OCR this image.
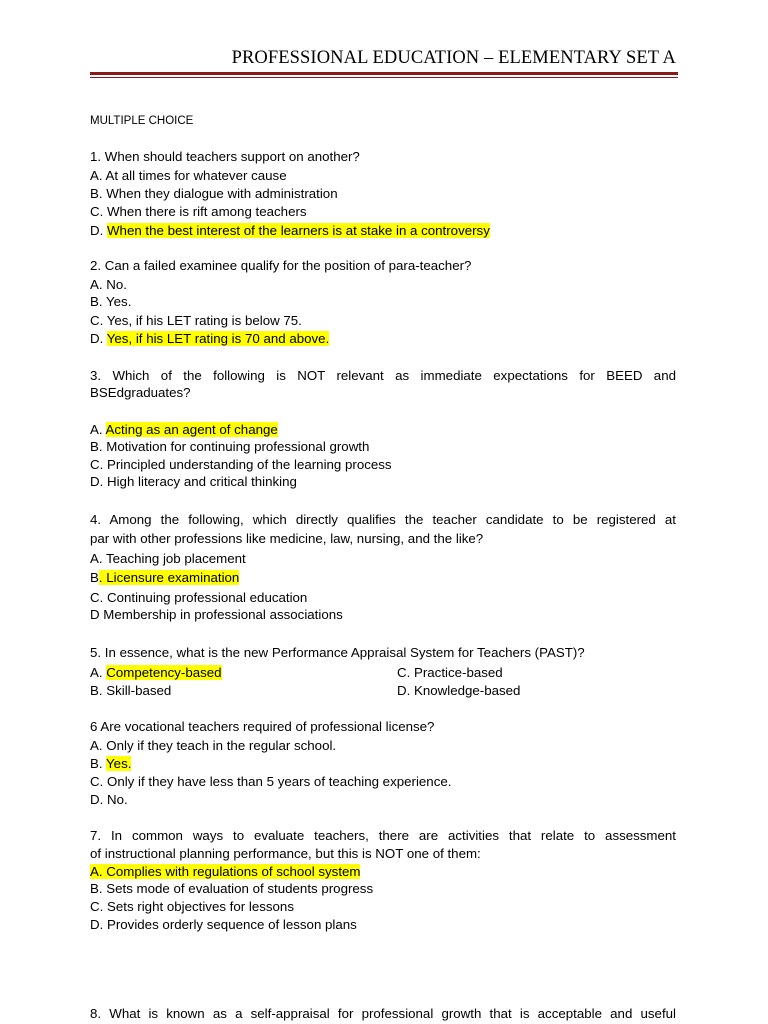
PROFESSIONAL EDUCATION – ELEMENTARY SET A
MULTIPLE CHOICE
1. When should teachers support on another?
A. At all times for whatever cause
B. When they dialogue with administration
C. When there is rift among teachers
D. When the best interest of the learners is at stake in a controversy
2. Can a failed examinee qualify for the position of para-teacher?
A. No.
B. Yes.
C. Yes, if his LET rating is below 75.
D. Yes, if his LET rating is 70 and above.
3. Which of the following is NOT relevant as immediate expectations for BEED and
BSEdgraduates?
A. Acting as an agent of change
B. Motivation for continuing professional growth
C. Principled understanding of the learning process
D. High literacy and critical thinking
4. Among the following, which directly qualifies the teacher candidate to be registered at
par with other professions like medicine, law, nursing, and the like?
A. Teaching job placement
B. Licensure examination
C. Continuing professional education
D Membership in professional associations
5. In essence, what is the new Performance Appraisal System for Teachers (PAST)?
A. Competency-based	C. Practice-based
B. Skill-based	D. Knowledge-based
6 Are vocational teachers required of professional license?
A. Only if they teach in the regular school.
B. Yes.
C. Only if they have less than 5 years of teaching experience.
D. No.
7. In common ways to evaluate teachers, there are activities that relate to assessment
of instructional planning performance, but this is NOT one of them:
A. Complies with regulations of school system
B. Sets mode of evaluation of students progress
C. Sets right objectives for lessons
D. Provides orderly sequence of lesson plans
8. What is known as a self-appraisal for professional growth that is acceptable and useful
